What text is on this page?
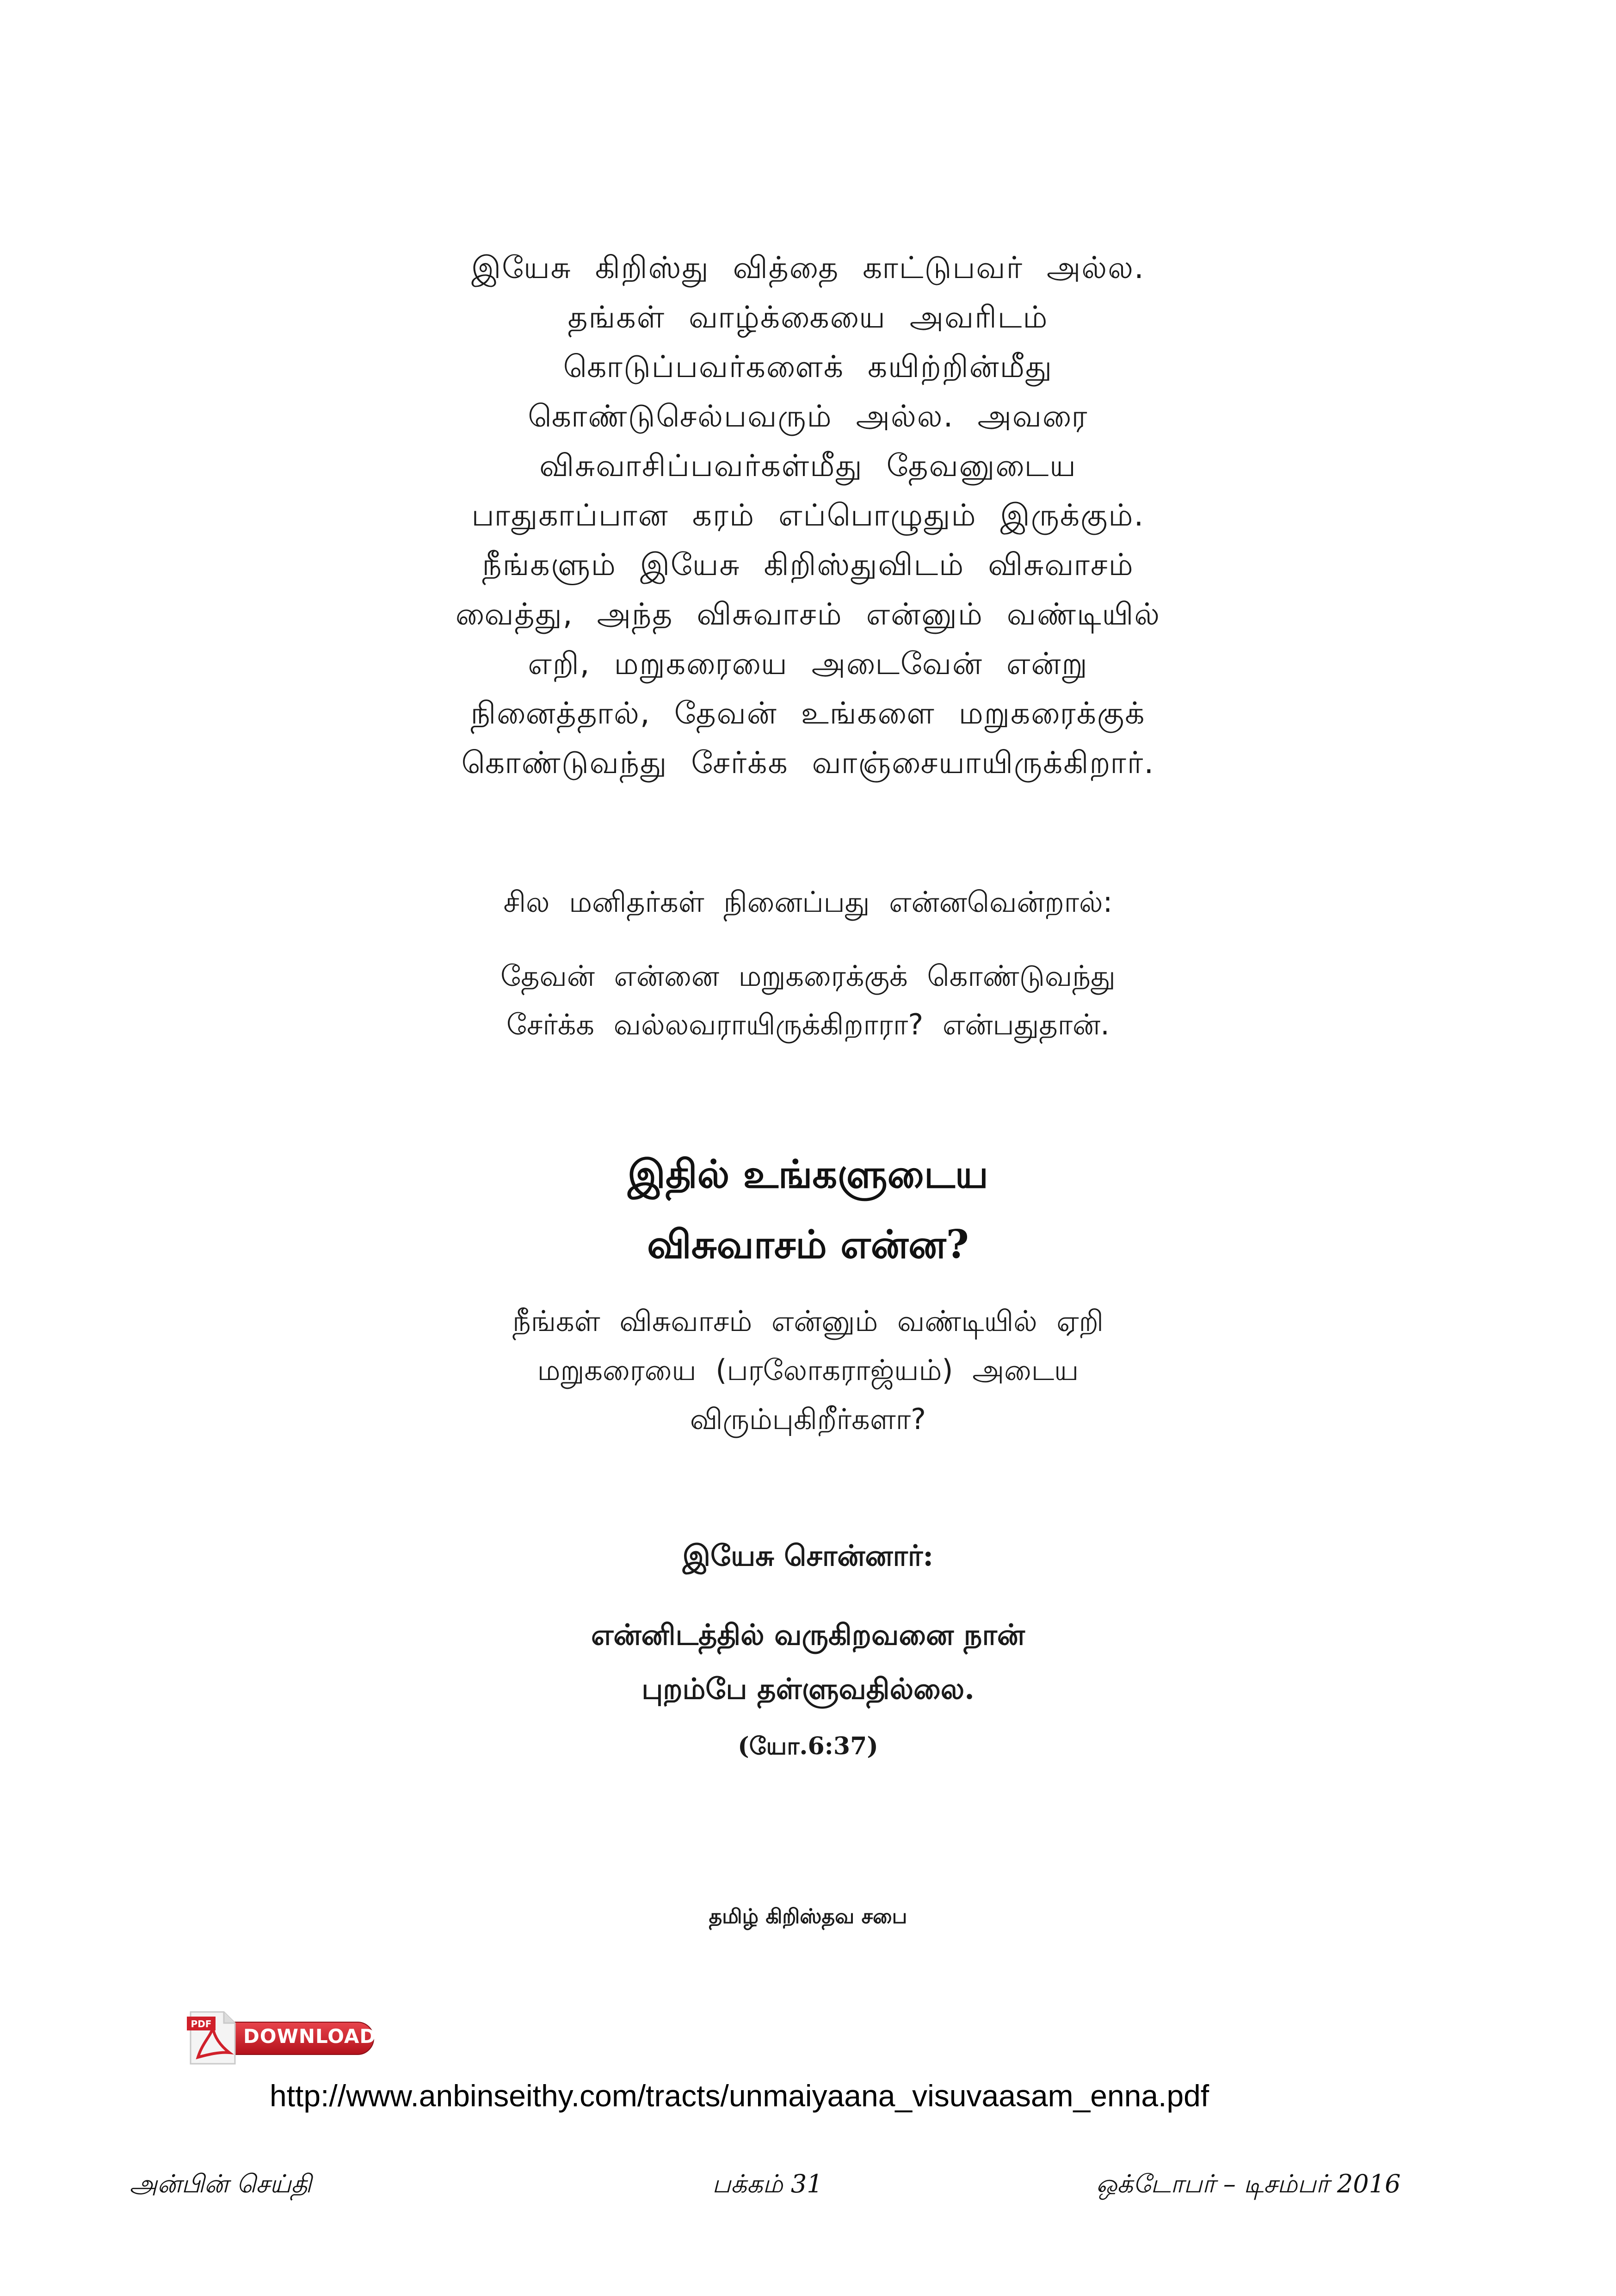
இயேசு கிறிஸ்து வித்தை காட்டுபவர் அல்ல.
தங்கள் வாழ்க்கையை அவரிடம்
கொடுப்பவர்களைக் கயிற்றின்மீது
கொண்டுசெல்பவரும் அல்ல. அவரை
விசுவாசிப்பவர்கள்மீது தேவனுடைய
பாதுகாப்பான கரம் எப்பொழுதும் இருக்கும்.
நீங்களும் இயேசு கிறிஸ்துவிடம் விசுவாசம்
வைத்து, அந்த விசுவாசம் என்னும் வண்டியில்
எறி, மறுகரையை அடைவேன் என்று
நினைத்தால், தேவன் உங்களை மறுகரைக்குக்
கொண்டுவந்து சேர்க்க வாஞ்சையாயிருக்கிறார்.
சில மனிதர்கள் நினைப்பது என்னவென்றால்:
தேவன் என்னை மறுகரைக்குக் கொண்டுவந்து
சேர்க்க வல்லவராயிருக்கிறாரா? என்பதுதான்.
இதில் உங்களுடைய
விசுவாசம் என்ன?
நீங்கள் விசுவாசம் என்னும் வண்டியில் ஏறி
மறுகரையை (பரலோகராஜ்யம்) அடைய
விரும்புகிறீர்களா?
இயேசு சொன்னார்:
என்னிடத்தில் வருகிறவனை நான்
புறம்பே தள்ளுவதில்லை.
(யோ.6:37)
தமிழ் கிறிஸ்தவ சபை
PDF
DOWNLOAD
http://www.anbinseithy.com/tracts/unmaiyaana_visuvaasam_enna.pdf
அன்பின் செய்தி	பக்கம் 31	ஒக்டோபர் – டிசம்பர் 2016
